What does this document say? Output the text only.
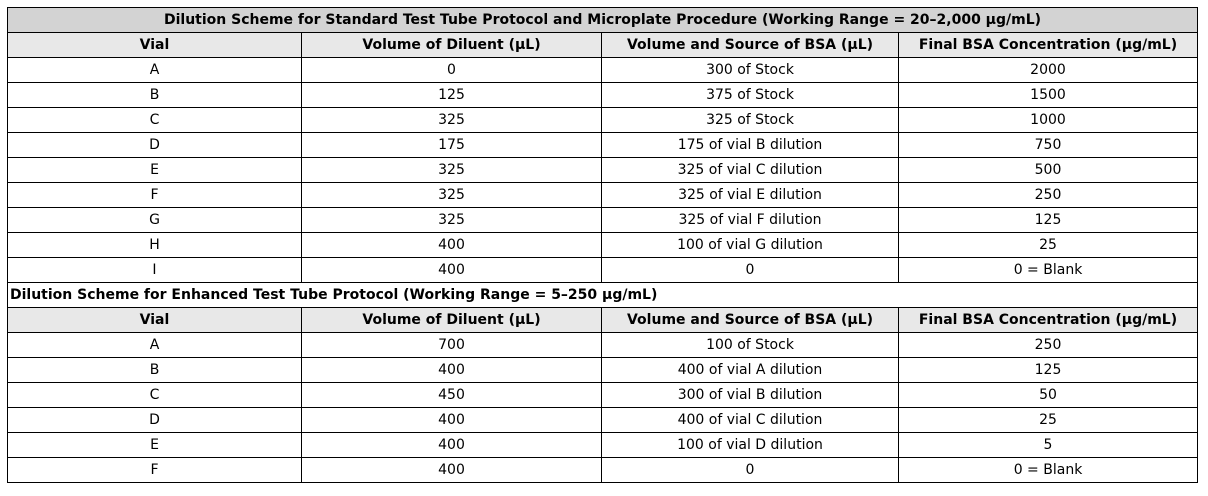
Dilution Scheme for Standard Test Tube Protocol and Microplate Procedure (Working Range = 20–2,000 µg/mL)			
Vial	Volume of Diluent (µL)	Volume and Source of BSA (µL)	Final BSA Concentration (µg/mL)
A	0	300 of Stock	2000
B	125	375 of Stock	1500
C	325	325 of Stock	1000
D	175	175 of vial B dilution	750
E	325	325 of vial C dilution	500
F	325	325 of vial E dilution	250
G	325	325 of vial F dilution	125
H	400	100 of vial G dilution	25
I	400	0	0 = Blank
Dilution Scheme for Enhanced Test Tube Protocol (Working Range = 5–250 µg/mL)			
Vial	Volume of Diluent (µL)	Volume and Source of BSA (µL)	Final BSA Concentration (µg/mL)
A	700	100 of Stock	250
B	400	400 of vial A dilution	125
C	450	300 of vial B dilution	50
D	400	400 of vial C dilution	25
E	400	100 of vial D dilution	5
F	400	0	0 = Blank
